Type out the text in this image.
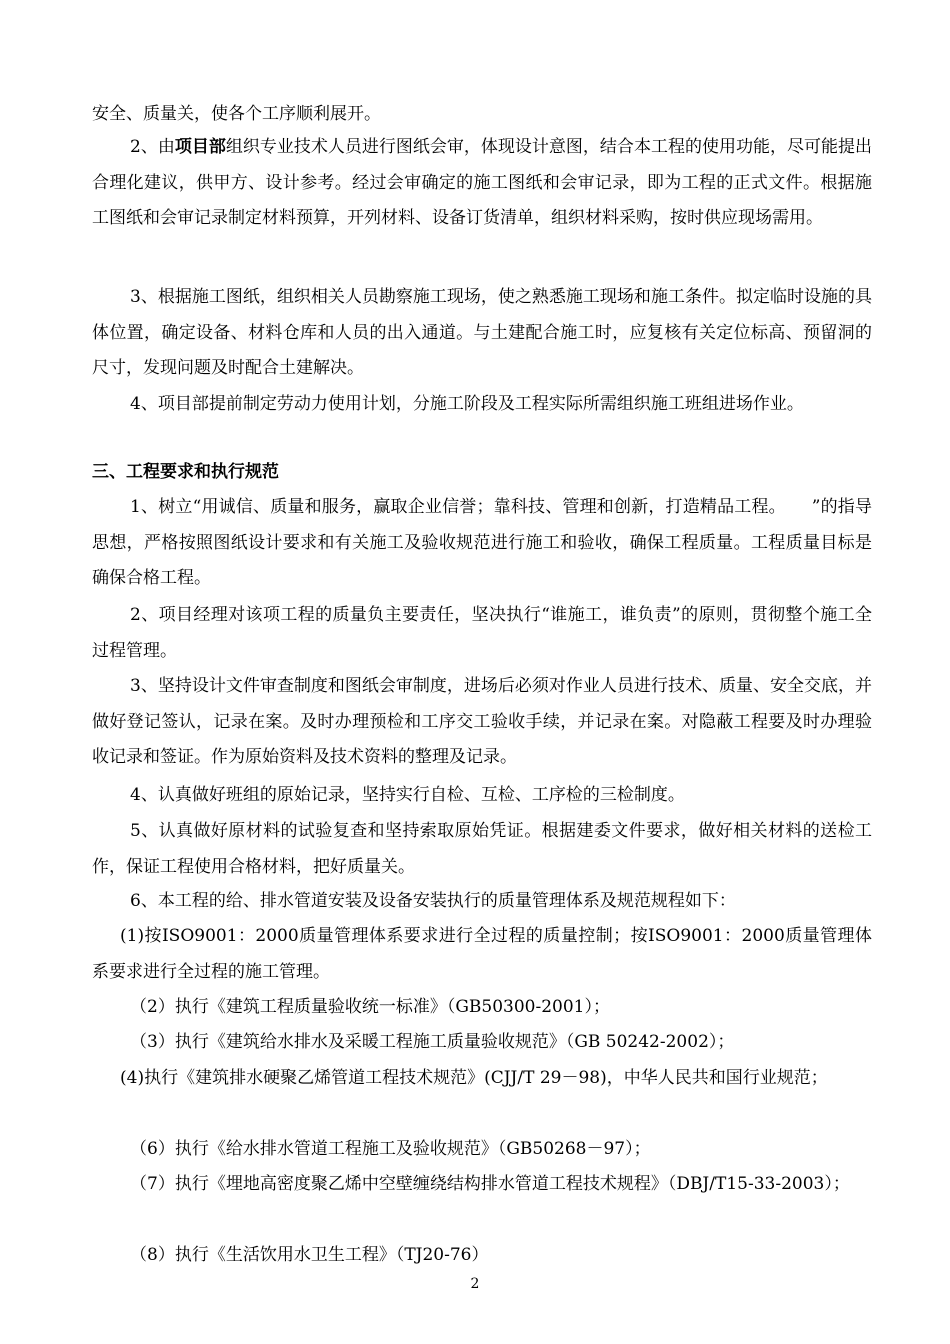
安全、质量关，使各个工序顺利展开。

2、由项目部组织专业技术人员进行图纸会审，体现设计意图，结合本工程的使用功能，尽可能提出合理化建议，供甲方、设计参考。经过会审确定的施工图纸和会审记录，即为工程的正式文件。根据施工图纸和会审记录制定材料预算，开列材料、设备订货清单，组织材料采购，按时供应现场需用。

3、根据施工图纸，组织相关人员勘察施工现场，使之熟悉施工现场和施工条件。拟定临时设施的具体位置，确定设备、材料仓库和人员的出入通道。与土建配合施工时，应复核有关定位标高、预留洞的尺寸，发现问题及时配合土建解决。

4、项目部提前制定劳动力使用计划，分施工阶段及工程实际所需组织施工班组进场作业。

三、工程要求和执行规范

1、树立“用诚信、质量和服务，赢取企业信誉；靠科技、管理和创新，打造精品工程。　　”的指导思想，严格按照图纸设计要求和有关施工及验收规范进行施工和验收，确保工程质量。工程质量目标是确保合格工程。

2、项目经理对该项工程的质量负主要责任，坚决执行“谁施工，谁负责”的原则，贯彻整个施工全过程管理。

3、坚持设计文件审查制度和图纸会审制度，进场后必须对作业人员进行技术、质量、安全交底，并做好登记签认，记录在案。及时办理预检和工序交工验收手续，并记录在案。对隐蔽工程要及时办理验收记录和签证。作为原始资料及技术资料的整理及记录。

4、认真做好班组的原始记录，坚持实行自检、互检、工序检的三检制度。

5、认真做好原材料的试验复查和坚持索取原始凭证。根据建委文件要求，做好相关材料的送检工作，保证工程使用合格材料，把好质量关。

6、本工程的给、排水管道安装及设备安装执行的质量管理体系及规范规程如下：

(1)按ISO9001：2000质量管理体系要求进行全过程的质量控制；按ISO9001：2000质量管理体系要求进行全过程的施工管理。

（2）执行《建筑工程质量验收统一标准》（GB50300-2001）；

（3）执行《建筑给水排水及采暖工程施工质量验收规范》（GB 50242-2002）；

(4)执行《建筑排水硬聚乙烯管道工程技术规范》(CJJ/T 29－98)，中华人民共和国行业规范；

（6）执行《给水排水管道工程施工及验收规范》（GB50268－97）；

（7）执行《埋地高密度聚乙烯中空壁缠绕结构排水管道工程技术规程》（DBJ/T15-33-2003）；

（8）执行《生活饮用水卫生工程》（TJ20-76）

2
